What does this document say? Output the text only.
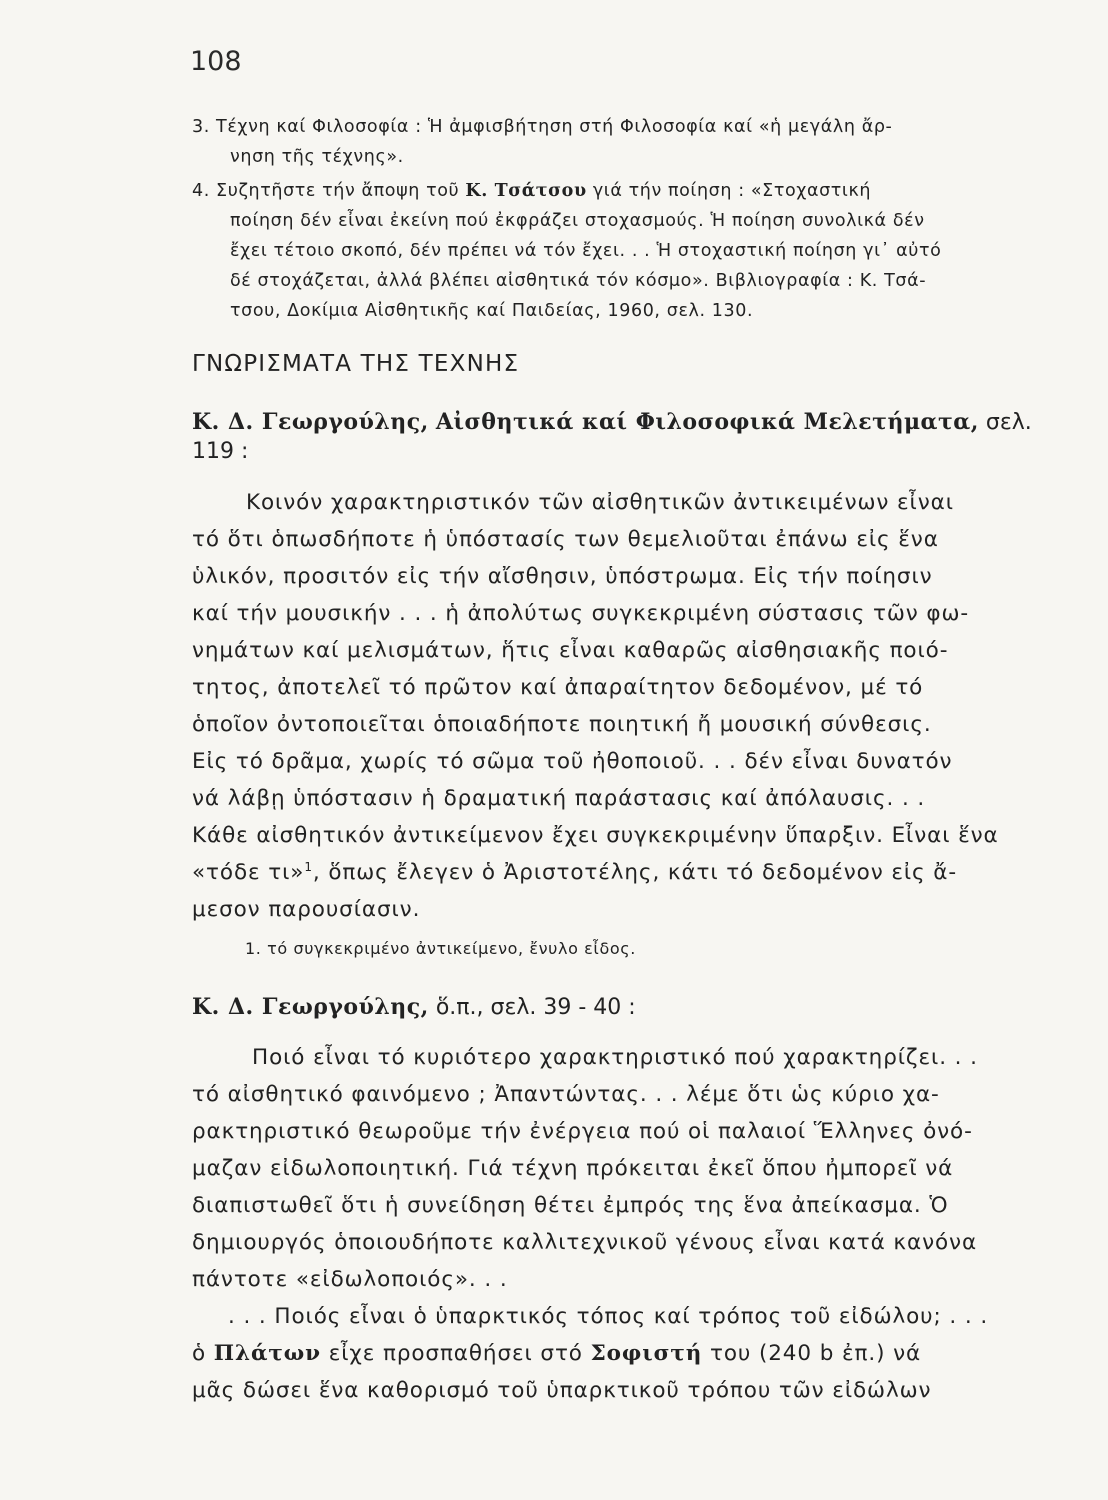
108
3. Τέχνη καί Φιλοσοφία : Ἡ ἀμφισβήτηση στή Φιλοσοφία καί «ἡ μεγάλη ἄρ-
νηση τῆς τέχνης».
4. Συζητῆστε τήν ἄποψη τοῦ Κ. Τσάτσου γιά τήν ποίηση : «Στοχαστική
ποίηση δέν εἶναι ἐκείνη πού ἐκφράζει στοχασμούς. Ἡ ποίηση συνολικά δέν
ἔχει τέτοιο σκοπό, δέν πρέπει νά τόν ἔχει. . . Ἡ στοχαστική ποίηση γι᾽ αὐτό
δέ στοχάζεται, ἀλλά βλέπει αἰσθητικά τόν κόσμο». Βιβλιογραφία : Κ. Τσά-
τσου, Δοκίμια Αἰσθητικῆς καί Παιδείας, 1960, σελ. 130.
ΓΝΩΡΙΣΜΑΤΑ ΤΗΣ ΤΕΧΝΗΣ
Κ. Δ. Γεωργούλης, Αἰσθητικά καί Φιλοσοφικά Μελετήματα, σελ.
119 :
Κοινόν χαρακτηριστικόν τῶν αἰσθητικῶν ἀντικειμένων εἶναι
τό ὅτι ὁπωσδήποτε ἡ ὑπόστασίς των θεμελιοῦται ἐπάνω εἰς ἕνα
ὑλικόν, προσιτόν εἰς τήν αἴσθησιν, ὑπόστρωμα. Εἰς τήν ποίησιν
καί τήν μουσικήν . . . ἡ ἀπολύτως συγκεκριμένη σύστασις τῶν φω-
νημάτων καί μελισμάτων, ἥτις εἶναι καθαρῶς αἰσθησιακῆς ποιό-
τητος, ἀποτελεῖ τό πρῶτον καί ἀπαραίτητον δεδομένον, μέ τό
ὁποῖον ὀντοποιεῖται ὁποιαδήποτε ποιητική ἤ μουσική σύνθεσις.
Εἰς τό δρᾶμα, χωρίς τό σῶμα τοῦ ἠθοποιοῦ. . . δέν εἶναι δυνατόν
νά λάβῃ ὑπόστασιν ἡ δραματική παράστασις καί ἀπόλαυσις. . .
Κάθε αἰσθητικόν ἀντικείμενον ἔχει συγκεκριμένην ὕπαρξιν. Εἶναι ἕνα
«τόδε τι»$^1$, ὅπως ἔλεγεν ὁ Ἀριστοτέλης, κάτι τό δεδομένον εἰς ἄ-
μεσον παρουσίασιν.
1. τό συγκεκριμένο ἀντικείμενο, ἔνυλο εἶδος.
Κ. Δ. Γεωργούλης, ὅ.π., σελ. 39 - 40 :
Ποιό εἶναι τό κυριότερο χαρακτηριστικό πού χαρακτηρίζει. . .
τό αἰσθητικό φαινόμενο ; Ἀπαντώντας. . . λέμε ὅτι ὡς κύριο χα-
ρακτηριστικό θεωροῦμε τήν ἐνέργεια πού οἱ παλαιοί Ἕλληνες ὀνό-
μαζαν εἰδωλοποιητική. Γιά τέχνη πρόκειται ἐκεῖ ὅπου ἠμπορεῖ νά
διαπιστωθεῖ ὅτι ἡ συνείδηση θέτει ἐμπρός της ἕνα ἀπείκασμα. Ὁ
δημιουργός ὁποιουδήποτε καλλιτεχνικοῦ γένους εἶναι κατά κανόνα
πάντοτε «εἰδωλοποιός». . .
. . . Ποιός εἶναι ὁ ὑπαρκτικός τόπος καί τρόπος τοῦ εἰδώλου; . . .
ὁ Πλάτων εἶχε προσπαθήσει στό Σοφιστή του (240 b ἐπ.) νά
μᾶς δώσει ἕνα καθορισμό τοῦ ὑπαρκτικοῦ τρόπου τῶν εἰδώλων
